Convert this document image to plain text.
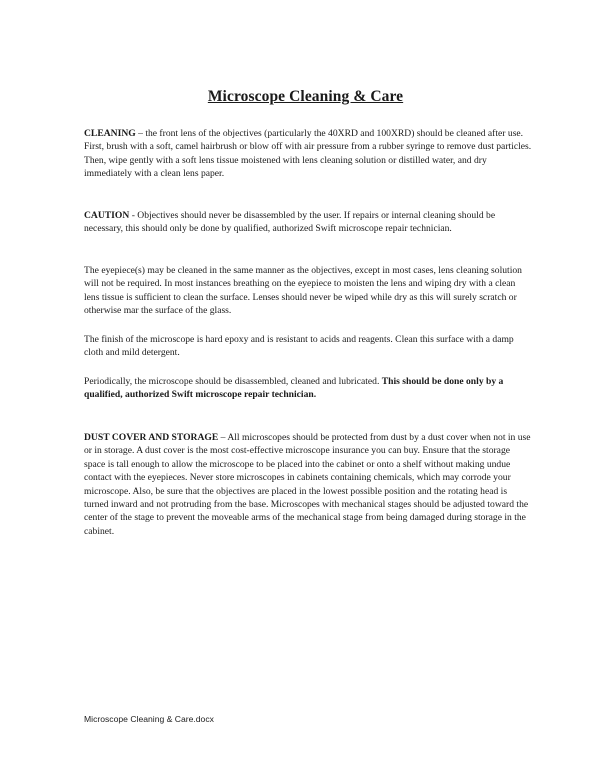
Microscope Cleaning & Care

CLEANING – the front lens of the objectives (particularly the 40XRD and 100XRD) should be cleaned after use. First, brush with a soft, camel hairbrush or blow off with air pressure from a rubber syringe to remove dust particles. Then, wipe gently with a soft lens tissue moistened with lens cleaning solution or distilled water, and dry immediately with a clean lens paper.

CAUTION - Objectives should never be disassembled by the user. If repairs or internal cleaning should be necessary, this should only be done by qualified, authorized Swift microscope repair technician.

The eyepiece(s) may be cleaned in the same manner as the objectives, except in most cases, lens cleaning solution will not be required. In most instances breathing on the eyepiece to moisten the lens and wiping dry with a clean lens tissue is sufficient to clean the surface. Lenses should never be wiped while dry as this will surely scratch or otherwise mar the surface of the glass.

The finish of the microscope is hard epoxy and is resistant to acids and reagents. Clean this surface with a damp cloth and mild detergent.

Periodically, the microscope should be disassembled, cleaned and lubricated. This should be done only by a qualified, authorized Swift microscope repair technician.

DUST COVER AND STORAGE – All microscopes should be protected from dust by a dust cover when not in use or in storage. A dust cover is the most cost-effective microscope insurance you can buy. Ensure that the storage space is tall enough to allow the microscope to be placed into the cabinet or onto a shelf without making undue contact with the eyepieces. Never store microscopes in cabinets containing chemicals, which may corrode your microscope. Also, be sure that the objectives are placed in the lowest possible position and the rotating head is turned inward and not protruding from the base. Microscopes with mechanical stages should be adjusted toward the center of the stage to prevent the moveable arms of the mechanical stage from being damaged during storage in the cabinet.

Microscope Cleaning & Care.docx
